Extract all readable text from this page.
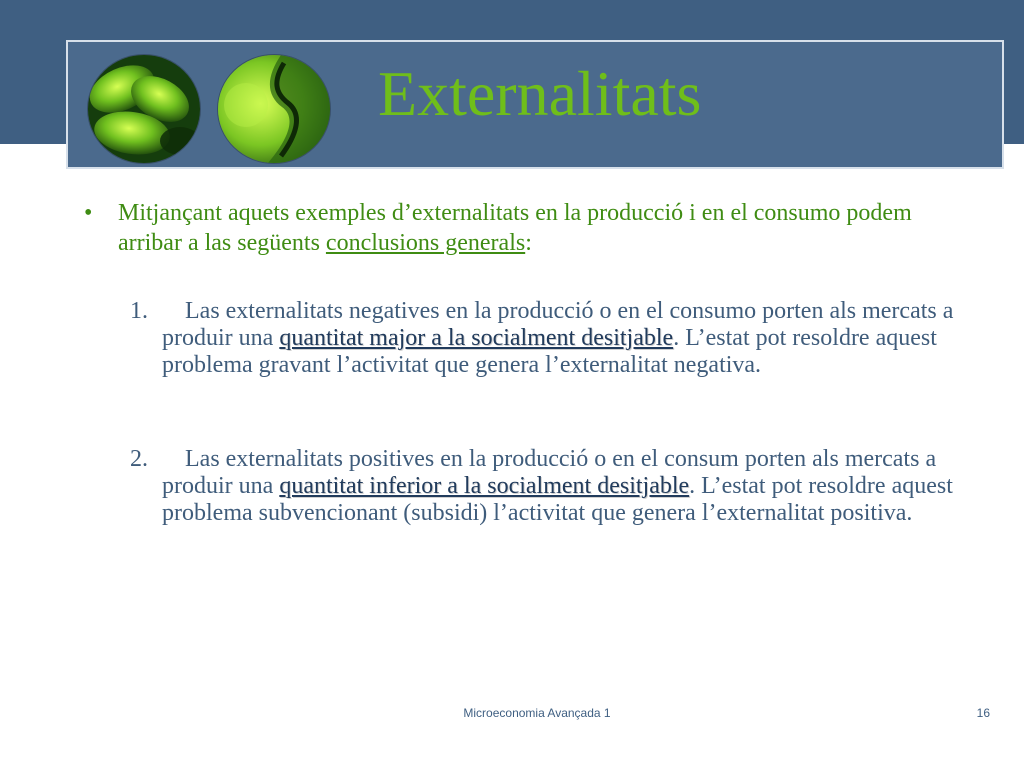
Externalitats
•	Mitjançant aquets exemples d’externalitats en la producció i en el consumo podem arribar a las següents conclusions generals:
1.	Las externalitats negatives en la producció o en el consumo porten als mercats a produir una quantitat major a la socialment desitjable. L’estat pot resoldre aquest problema gravant l’activitat que genera l’externalitat negativa.
2.	Las externalitats positives en la producció o en el consum porten als mercats a produir una quantitat inferior a la socialment desitjable. L’estat pot resoldre aquest problema subvencionant (subsidi) l’activitat que genera l’externalitat positiva.
Microeconomia Avançada 1	16
